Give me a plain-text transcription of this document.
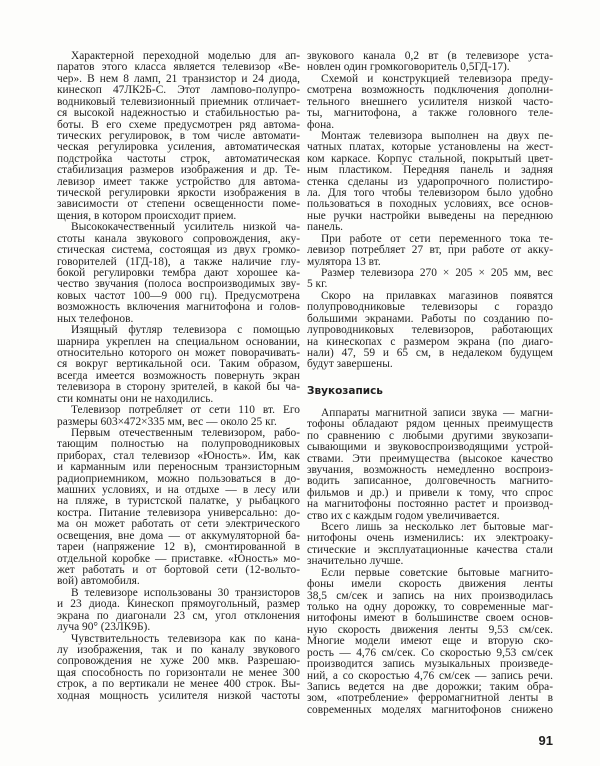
Характерной переходной моделью для ап-
паратов этого класса является телевизор «Ве-
чер». В нем 8 ламп, 21 транзистор и 24 диода,
кинескоп 47ЛК2Б-С. Этот лампово-полупро-
водниковый телевизионный приемник отличает-
ся высокой надежностью и стабильностью ра-
боты. В его схеме предусмотрен ряд автома-
тических регулировок, в том числе автомати-
ческая регулировка усиления, автоматическая
подстройка частоты строк, автоматическая
стабилизация размеров изображения и др. Те-
левизор имеет также устройство для автома-
тической регулировки яркости изображения в
зависимости от степени освещенности поме-
щения, в котором происходит прием.
Высококачественный усилитель низкой ча-
стоты канала звукового сопровождения, аку-
стическая система, состоящая из двух громко-
говорителей (1ГД-18), а также наличие глу-
бокой регулировки тембра дают хорошее ка-
чество звучания (полоса воспроизводимых зву-
ковых частот 100—9 000 гц). Предусмотрена
возможность включения магнитофона и голов-
ных телефонов.
Изящный футляр телевизора с помощью
шарнира укреплен на специальном основании,
относительно которого он может поворачивать-
ся вокруг вертикальной оси. Таким образом,
всегда имеется возможность повернуть экран
телевизора в сторону зрителей, в какой бы ча-
сти комнаты они не находились.
Телевизор потребляет от сети 110 вт. Его
размеры 603×472×335 мм, вес — около 25 кг.
Первым отечественным телевизором, рабо-
тающим полностью на полупроводниковых
приборах, стал телевизор «Юность». Им, как
и карманным или переносным транзисторным
радиоприемником, можно пользоваться в до-
машних условиях, и на отдыхе — в лесу или
на пляже, в туристской палатке, у рыбацкого
костра. Питание телевизора универсально: до-
ма он может работать от сети электрического
освещения, вне дома — от аккумуляторной ба-
тареи (напряжение 12 в), смонтированной в
отдельной коробке — приставке. «Юность» мо-
жет работать и от бортовой сети (12-вольто-
вой) автомобиля.
В телевизоре использованы 30 транзисторов
и 23 диода. Кинескоп прямоугольный, размер
экрана по диагонали 23 см, угол отклонения
луча 90° (23ЛК9Б).
Чувствительность телевизора как по кана-
лу изображения, так и по каналу звукового
сопровождения не хуже 200 мкв. Разрешаю-
щая способность по горизонтали не менее 300
строк, а по вертикали не менее 400 строк. Вы-
ходная мощность усилителя низкой частоты
звукового канала 0,2 вт (в телевизоре уста-
новлен один громкоговоритель 0,5ГД-17).
Схемой и конструкцией телевизора преду-
смотрена возможность подключения дополни-
тельного внешнего усилителя низкой часто-
ты, магнитофона, а также головного теле-
фона.
Монтаж телевизора выполнен на двух пе-
чатных платах, которые установлены на жест-
ком каркасе. Корпус стальной, покрытый цвет-
ным пластиком. Передняя панель и задняя
стенка сделаны из ударопрочного полистиро-
ла. Для того чтобы телевизором было удобно
пользоваться в походных условиях, все основ-
ные ручки настройки выведены на переднюю
панель.
При работе от сети переменного тока те-
левизор потребляет 27 вт, при работе от акку-
мулятора 13 вт.
Размер телевизора 270 × 205 × 205 мм, вес
5 кг.
Скоро на прилавках магазинов появятся
полупроводниковые телевизоры с гораздо
большими экранами. Работы по созданию по-
лупроводниковых телевизоров, работающих
на кинескопах с размером экрана (по диаго-
нали) 47, 59 и 65 см, в недалеком будущем
будут завершены.
Звукозапись
Аппараты магнитной записи звука — магни-
тофоны обладают рядом ценных преимуществ
по сравнению с любыми другими звукозапи-
сывающими и звуковоспроизводящими устрой-
ствами. Эти преимущества (высокое качество
звучания, возможность немедленно воспроиз-
водить записанное, долговечность магнито-
фильмов и др.) и привели к тому, что спрос
на магнитофоны постоянно растет и производ-
ство их с каждым годом увеличивается.
Всего лишь за несколько лет бытовые маг-
нитофоны очень изменились: их электроаку-
стические и эксплуатационные качества стали
значительно лучше.
Если первые советские бытовые магнито-
фоны имели скорость движения ленты
38,5 см/сек и запись на них производилась
только на одну дорожку, то современные маг-
нитофоны имеют в большинстве своем основ-
ную скорость движения ленты 9,53 см/сек.
Многие модели имеют еще и вторую ско-
рость — 4,76 см/сек. Со скоростью 9,53 см/сек
производится запись музыкальных произведе-
ний, а со скоростью 4,76 см/сек — запись речи.
Запись ведется на две дорожки; таким обра-
зом, «потребление» ферромагнитной ленты в
современных моделях магнитофонов снижено
91
